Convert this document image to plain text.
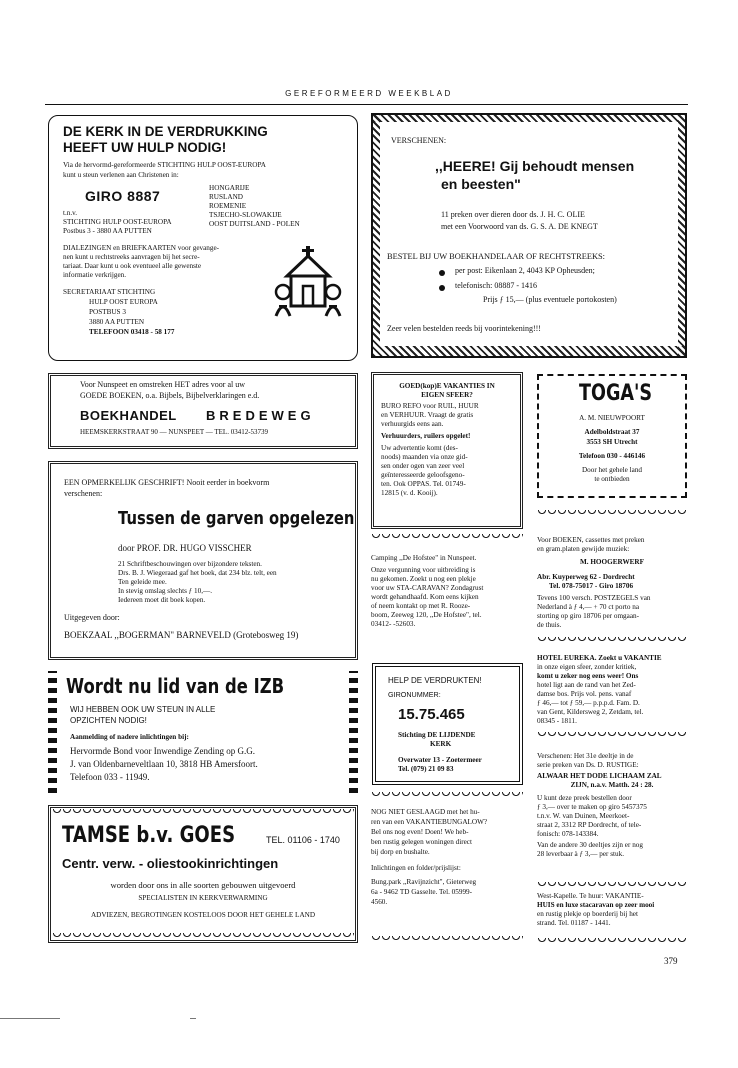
GEREFORMEERD WEEKBLAD
DE KERK IN DE VERDRUKKING
HEEFT UW HULP NODIG!
Via de hervormd-gereformeerde STICHTING HULP OOST-EUROPA
kunt u steun verlenen aan Christenen in:
GIRO 8887
t.n.v.
STICHTING HULP OOST-EUROPA
Postbus 3 - 3880 AA PUTTEN
HONGARIJE
RUSLAND
ROEMENIE
TSJECHO-SLOWAKIJE
OOST DUITSLAND - POLEN
DIALEZINGEN en BRIEFKAARTEN voor gevange-
nen kunt u rechtstreeks aanvragen bij het secre-
tariaat. Daar kunt u ook eventueel alle gewenste
informatie verkrijgen.
SECRETARIAAT STICHTING
HULP OOST EUROPA
POSTBUS 3
3880 AA PUTTEN
TELEFOON 03418 - 58 177
VERSCHENEN:
,,HEERE! Gij behoudt mensen
en beesten"
11 preken over dieren door ds. J. H. C. OLIE
met een Voorwoord van ds. G. S. A. DE KNEGT
BESTEL BIJ UW BOEKHANDELAAR OF RECHTSTREEKS:
per post: Eikenlaan 2, 4043 KP Opheusden;
telefonisch: 08887 - 1416
Prijs ƒ 15,— (plus eventuele portokosten)
Zeer velen bestelden reeds bij voorintekening!!!
Voor Nunspeet en omstreken HET adres voor al uw
GOEDE BOEKEN, o.a. Bijbels, Bijbelverklaringen e.d.
BOEKHANDEL BREDEWEG
HEEMSKERKSTRAAT 90 — NUNSPEET — TEL. 03412-53739
EEN OPMERKELIJK GESCHRIFT! Nooit eerder in boekvorm
verschenen:
Tussen de garven opgelezen
door PROF. DR. HUGO VISSCHER
21 Schriftbeschouwingen over bijzondere teksten.
Drs. B. J. Wiegeraad gaf het boek, dat 234 blz. telt, een
Ten geleide mee.
In stevig omslag slechts ƒ 10,—.
Iedereen moet dit boek kopen.
Uitgegeven door:
BOEKZAAL ,,BOGERMAN" BARNEVELD (Grotebosweg 19)
Wordt nu lid van de IZB
WIJ HEBBEN OOK UW STEUN IN ALLE
OPZICHTEN NODIG!
Aanmelding of nadere inlichtingen bij:
Hervormde Bond voor Inwendige Zending op G.G.
J. van Oldenbarneveltlaan 10, 3818 HB Amersfoort.
Telefoon 033 - 11949.
TAMSE b.v. GOES	TEL. 01106 - 1740
Centr. verw. - oliestookinrichtingen
worden door ons in alle soorten gebouwen uitgevoerd
SPECIALISTEN IN KERKVERWARMING
ADVIEZEN, BEGROTINGEN KOSTELOOS DOOR HET GEHELE LAND
GOED(kop)E VAKANTIES IN
EIGEN SFEER?
BURO REFO voor RUIL, HUUR
en VERHUUR. Vraagt de gratis
verhuurgids eens aan.
Verhuurders, ruilers opgelet!
Uw advertentie komt (des-
noods) maanden via onze gid-
sen onder ogen van zeer veel
geïnteresseerde geloofsgeno-
ten. Ook OPPAS. Tel. 01749-
12815 (v. d. Kooij).
Camping ,,De Hofstee" in Nunspeet.
Onze vergunning voor uitbreiding is
nu gekomen. Zoekt u nog een plekje
voor uw STA-CARAVAN? Zondagrust
wordt gehandhaafd. Kom eens kijken
of neem kontakt op met R. Rooze-
boom, Zeeweg 120, ,,De Hofstee", tel.
03412- -52603.
HELP DE VERDRUKTEN!
GIRONUMMER:
15.75.465
Stichting DE LIJDENDE
KERK
Overwater 13 - Zoetermeer
Tel. (079) 21 09 83
NOG NIET GESLAAGD met het hu-
ren van een VAKANTIEBUNGALOW?
Bel ons nog even! Doen! We heb-
ben rustig gelegen woningen direct
bij dorp en bushalte.
Inlichtingen en folder/prijslijst:
Bung.park ,,Ravijnzicht", Gieterweg
6a - 9462 TD Gasselte. Tel. 05999-
4560.
TOGA'S
A. M. NIEUWPOORT
Adelboldstraat 37
3553 SH Utrecht
Telefoon 030 - 446146
Door het gehele land
te ontbieden
Voor BOEKEN, cassettes met preken
en gram.platen gewijde muziek:
M. HOOGERWERF
Abr. Kuyperweg 62 - Dordrecht
Tel. 078-75017 - Giro 18706
Tevens 100 versch. POSTZEGELS van
Nederland à ƒ 4,— + 70 ct porto na
storting op giro 18706 per omgaan-
de thuis.
HOTEL EUREKA. Zoekt u VAKANTIE
in onze eigen sfeer, zonder kritiek,
komt u zeker nog eens weer! Ons
hotel ligt aan de rand van het Zed-
damse bos. Prijs vol. pens. vanaf
ƒ 46,— tot ƒ 59,— p.p.p.d. Fam. D.
van Gent, Kildersweg 2, Zetdam, tel.
08345 - 1811.
Verschenen: Het 31e deeltje in de
serie preken van Ds. D. RUSTIGE:
ALWAAR HET DODE LICHAAM ZAL
ZIJN, n.a.v. Matth. 24 : 28.
U kunt deze preek bestellen door
ƒ 3,— over te maken op giro 5457375
t.n.v. W. van Duinen, Meerkoet-
straat 2, 3312 RP Dordrecht, of tele-
fonisch: 078-143384.
Van de andere 30 deeltjes zijn er nog
28 leverbaar à ƒ 3,— per stuk.
West-Kapelle. Te huur: VAKANTIE-
HUIS en luxe stacaravan op zeer mooi
en rustig plekje op boerderij bij het
strand. Tel. 01187 - 1441.
379
